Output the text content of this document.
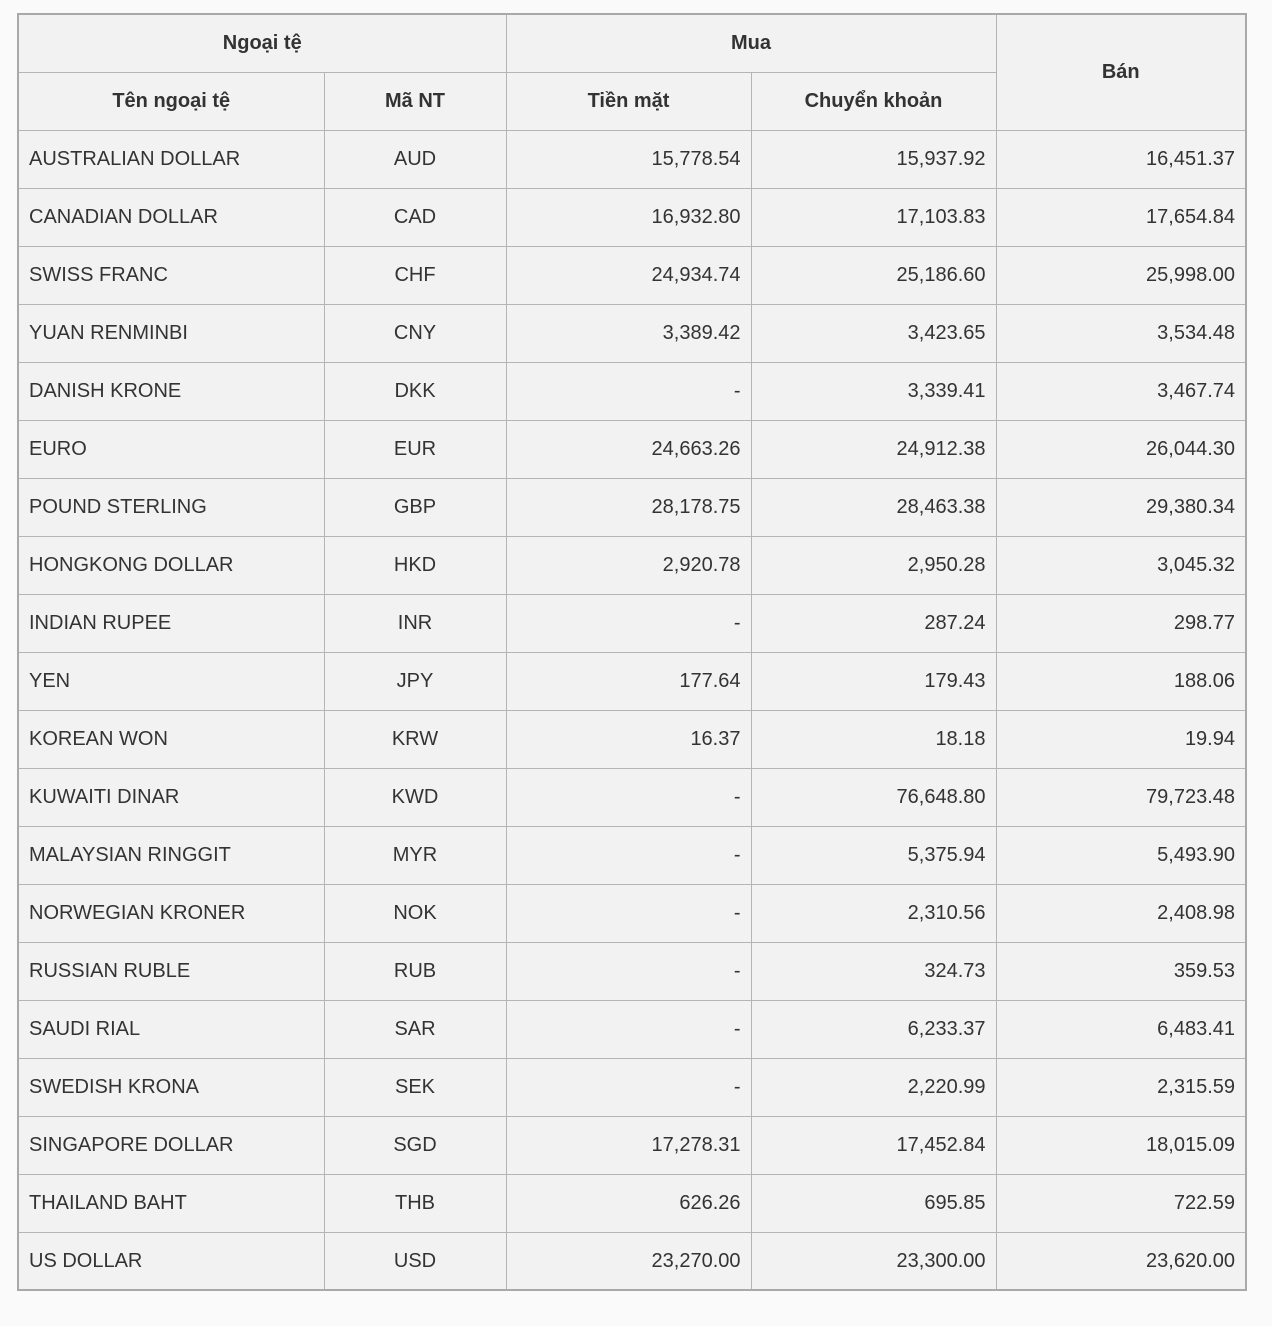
Ngoại tệ		Mua		Bán
Tên ngoại tệ	Mã NT	Tiền mặt	Chuyển khoản	
AUSTRALIAN DOLLAR	AUD	15,778.54	15,937.92	16,451.37
CANADIAN DOLLAR	CAD	16,932.80	17,103.83	17,654.84
SWISS FRANC	CHF	24,934.74	25,186.60	25,998.00
YUAN RENMINBI	CNY	3,389.42	3,423.65	3,534.48
DANISH KRONE	DKK	-	3,339.41	3,467.74
EURO	EUR	24,663.26	24,912.38	26,044.30
POUND STERLING	GBP	28,178.75	28,463.38	29,380.34
HONGKONG DOLLAR	HKD	2,920.78	2,950.28	3,045.32
INDIAN RUPEE	INR	-	287.24	298.77
YEN	JPY	177.64	179.43	188.06
KOREAN WON	KRW	16.37	18.18	19.94
KUWAITI DINAR	KWD	-	76,648.80	79,723.48
MALAYSIAN RINGGIT	MYR	-	5,375.94	5,493.90
NORWEGIAN KRONER	NOK	-	2,310.56	2,408.98
RUSSIAN RUBLE	RUB	-	324.73	359.53
SAUDI RIAL	SAR	-	6,233.37	6,483.41
SWEDISH KRONA	SEK	-	2,220.99	2,315.59
SINGAPORE DOLLAR	SGD	17,278.31	17,452.84	18,015.09
THAILAND BAHT	THB	626.26	695.85	722.59
US DOLLAR	USD	23,270.00	23,300.00	23,620.00
